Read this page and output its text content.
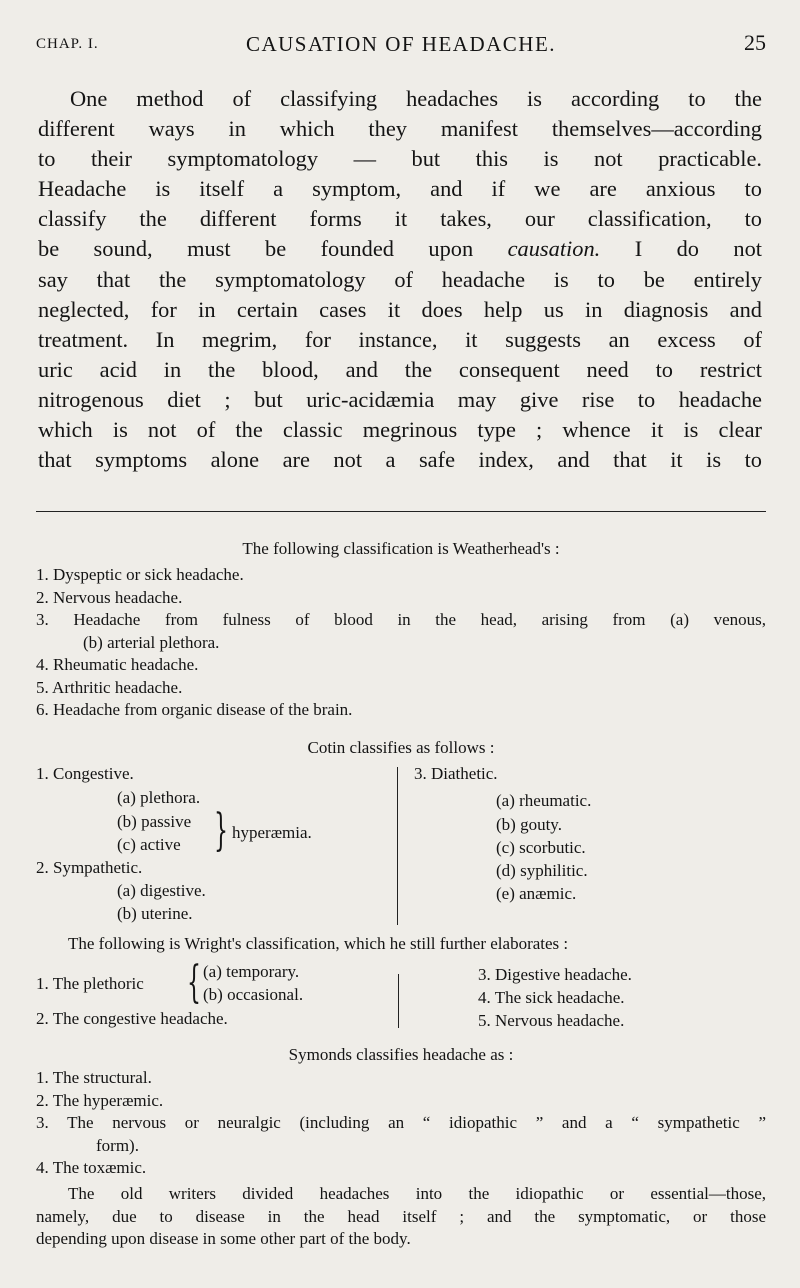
CHAP. I.	CAUSATION OF HEADACHE.	25
One method of classifying headaches is according to the
different ways in which they manifest themselves—according
to their symptomatology — but this is not practicable.
Headache is itself a symptom, and if we are anxious to
classify the different forms it takes, our classification, to
be sound, must be founded upon causation. I do not
say that the symptomatology of headache is to be entirely
neglected, for in certain cases it does help us in diagnosis and
treatment. In megrim, for instance, it suggests an excess of
uric acid in the blood, and the consequent need to restrict
nitrogenous diet ; but uric-acidæmia may give rise to headache
which is not of the classic megrinous type ; whence it is clear
that symptoms alone are not a safe index, and that it is to
The following classification is Weatherhead's :
1. Dyspeptic or sick headache.
2. Nervous headache.
3. Headache from fulness of blood in the head, arising from (a) venous,
(b) arterial plethora.
4. Rheumatic headache.
5. Arthritic headache.
6. Headache from organic disease of the brain.
Cotin classifies as follows :
1. Congestive.
(a) plethora.
(b) passive
(c) active } hyperæmia.
2. Sympathetic.
(a) digestive.
(b) uterine.
3. Diathetic.
(a) rheumatic.
(b) gouty.
(c) scorbutic.
(d) syphilitic.
(e) anæmic.
The following is Wright's classification, which he still further elaborates :
1. The plethoric { (a) temporary.
(b) occasional.
2. The congestive headache.
3. Digestive headache.
4. The sick headache.
5. Nervous headache.
Symonds classifies headache as :
1. The structural.
2. The hyperæmic.
3. The nervous or neuralgic (including an “ idiopathic ” and a “ sympathetic ”
form).
4. The toxæmic.
The old writers divided headaches into the idiopathic or essential—those,
namely, due to disease in the head itself ; and the symptomatic, or those
depending upon disease in some other part of the body.
